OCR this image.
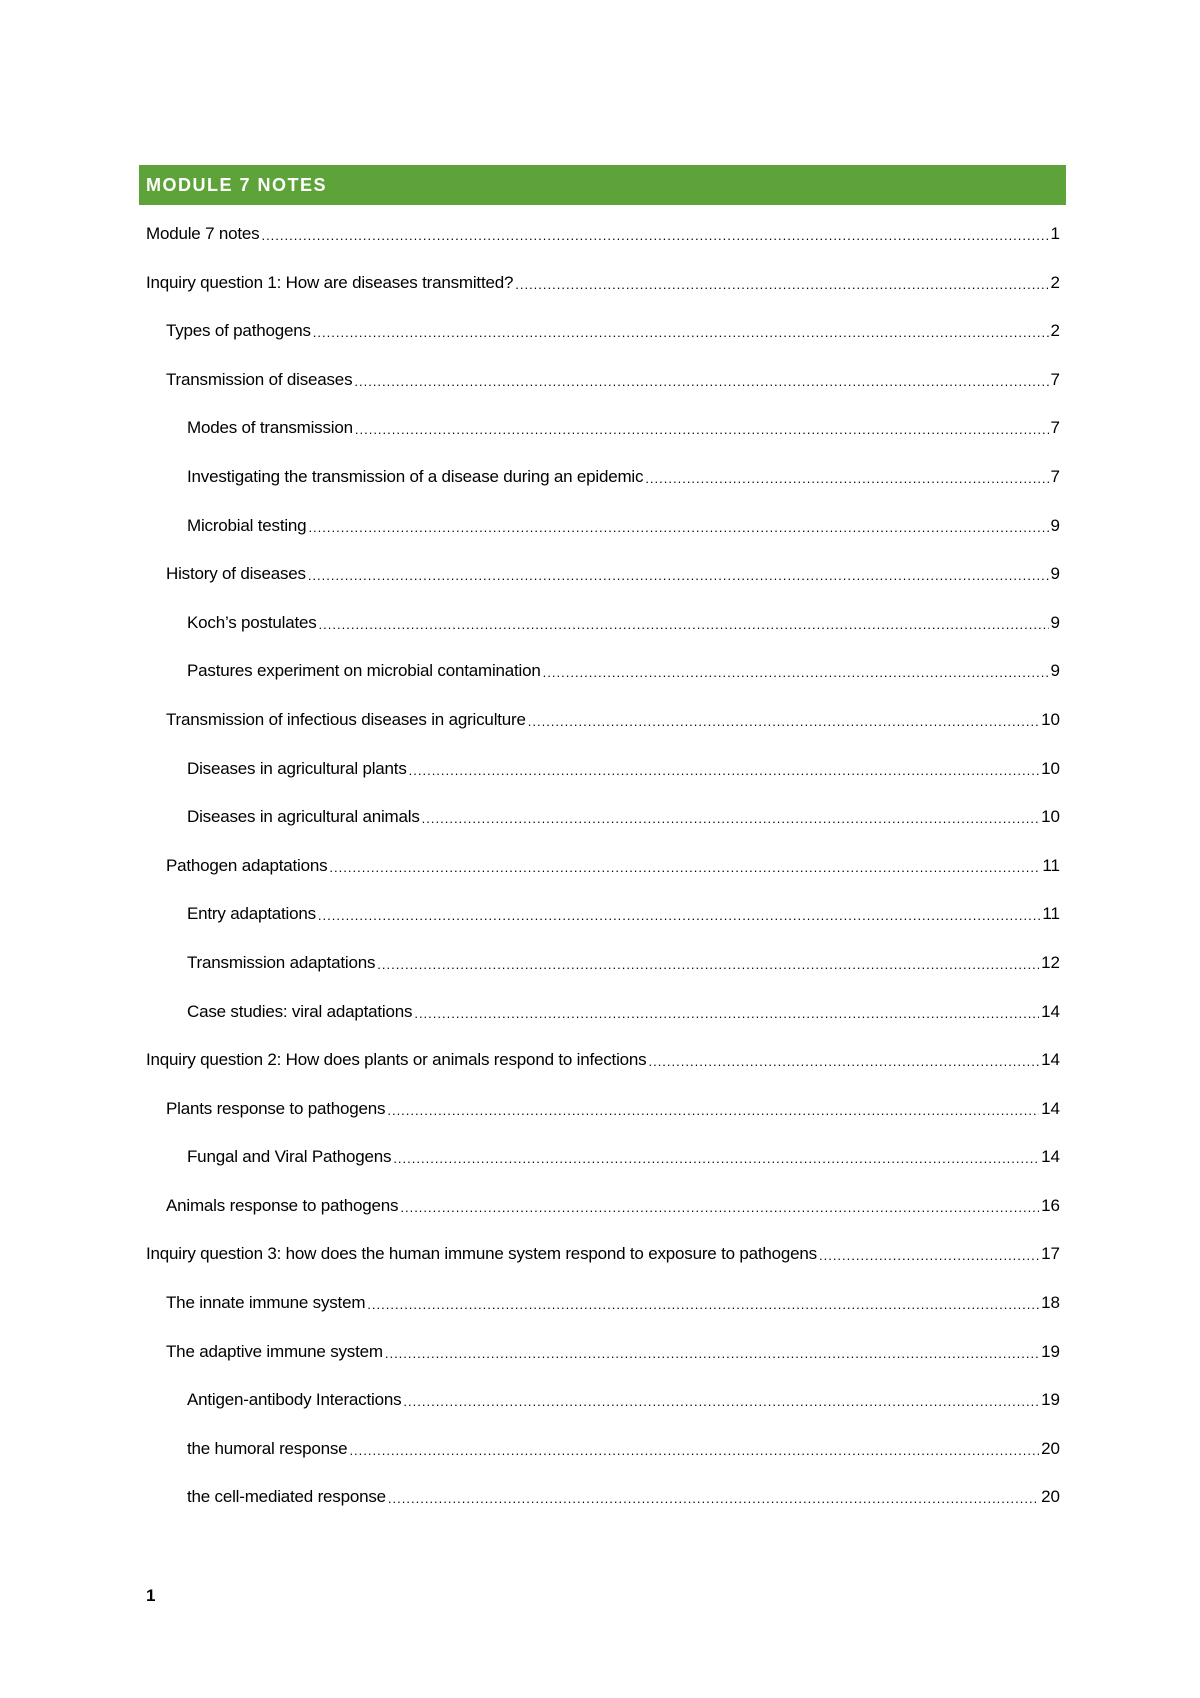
MODULE 7 NOTES
Module 7 notes .....	1
Inquiry question 1: How are diseases transmitted? .....	2
Types of pathogens .....	2
Transmission of diseases .....	7
Modes of transmission .....	7
Investigating the transmission of a disease during an epidemic .....	7
Microbial testing .....	9
History of diseases .....	9
Koch’s postulates .....	9
Pastures experiment on microbial contamination .....	9
Transmission of infectious diseases in agriculture .....	10
Diseases in agricultural plants .....	10
Diseases in agricultural animals .....	10
Pathogen adaptations .....	11
Entry adaptations .....	11
Transmission adaptations .....	12
Case studies: viral adaptations .....	14
Inquiry question 2: How does plants or animals respond to infections .....	14
Plants response to pathogens .....	14
Fungal and Viral Pathogens .....	14
Animals response to pathogens .....	16
Inquiry question 3: how does the human immune system respond to exposure to pathogens .....	17
The innate immune system .....	18
The adaptive immune system .....	19
Antigen-antibody Interactions .....	19
the humoral response .....	20
the cell-mediated response .....	20
1
